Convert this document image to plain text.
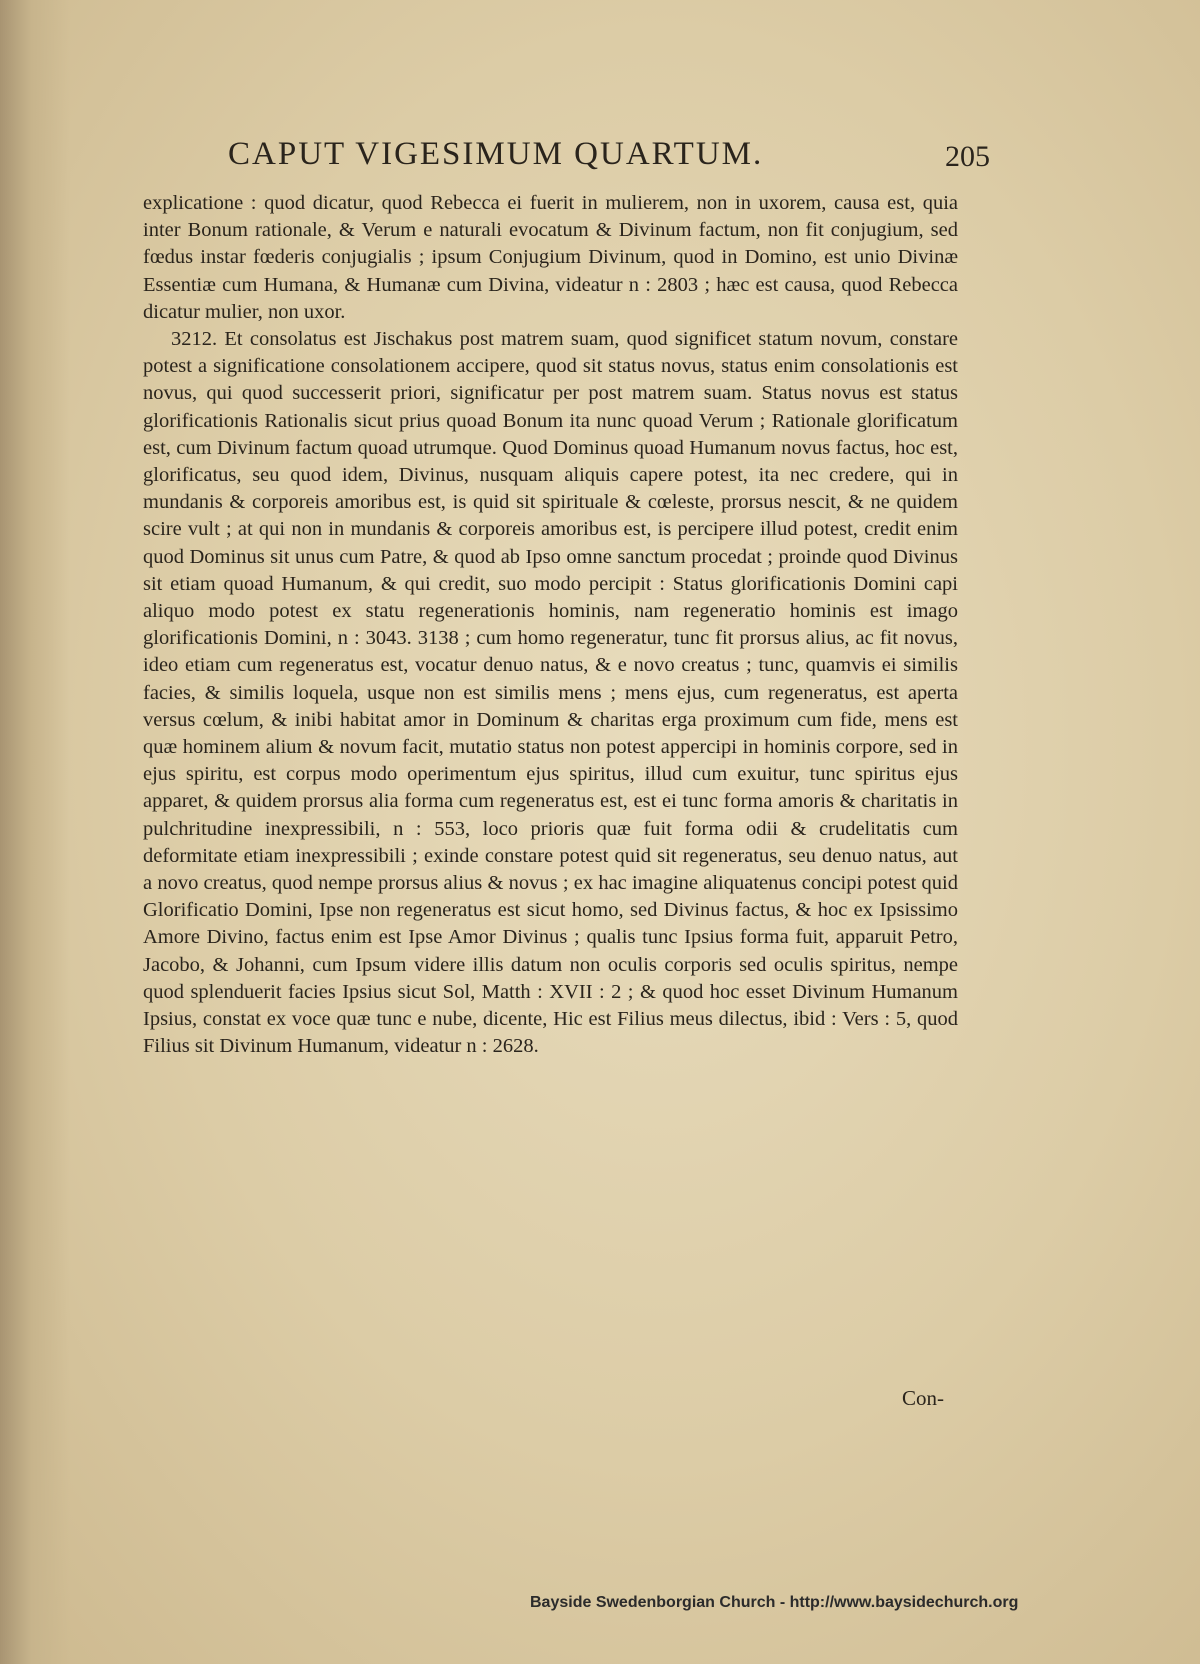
CAPUT VIGESIMUM QUARTUM.	205

explicatione : quod dicatur, quod Rebecca ei fuerit in mulierem, non in uxorem, causa est, quia inter Bonum rationale, & Verum e naturali evocatum & Divinum factum, non fit conjugium, sed fœdus instar fœderis conjugialis ; ipsum Conjugium Divinum, quod in Domino, est unio Divinæ Essentiæ cum Humana, & Humanæ cum Divina, videatur n : 2803 ; hæc est causa, quod Rebecca dicatur mulier, non uxor.

3212. Et consolatus est Jischakus post matrem suam, quod significet statum novum, constare potest a significatione consolationem accipere, quod sit status novus, status enim consolationis est novus, qui quod successerit priori, significatur per post matrem suam. Status novus est status glorificationis Rationalis sicut prius quoad Bonum ita nunc quoad Verum ; Rationale glorificatum est, cum Divinum factum quoad utrumque. Quod Dominus quoad Humanum novus factus, hoc est, glorificatus, seu quod idem, Divinus, nusquam aliquis capere potest, ita nec credere, qui in mundanis & corporeis amoribus est, is quid sit spirituale & cœleste, prorsus nescit, & ne quidem scire vult ; at qui non in mundanis & corporeis amoribus est, is percipere illud potest, credit enim quod Dominus sit unus cum Patre, & quod ab Ipso omne sanctum procedat ; proinde quod Divinus sit etiam quoad Humanum, & qui credit, suo modo percipit : Status glorificationis Domini capi aliquo modo potest ex statu regenerationis hominis, nam regeneratio hominis est imago glorificationis Domini, n : 3043. 3138 ; cum homo regeneratur, tunc fit prorsus alius, ac fit novus, ideo etiam cum regeneratus est, vocatur denuo natus, & e novo creatus ; tunc, quamvis ei similis facies, & similis loquela, usque non est similis mens ; mens ejus, cum regeneratus, est aperta versus cœlum, & inibi habitat amor in Dominum & charitas erga proximum cum fide, mens est quæ hominem alium & novum facit, mutatio status non potest appercipi in hominis corpore, sed in ejus spiritu, est corpus modo operimentum ejus spiritus, illud cum exuitur, tunc spiritus ejus apparet, & quidem prorsus alia forma cum regeneratus est, est ei tunc forma amoris & charitatis in pulchritudine inexpressibili, n : 553, loco prioris quæ fuit forma odii & crudelitatis cum deformitate etiam inexpressibili ; exinde constare potest quid sit regeneratus, seu denuo natus, aut a novo creatus, quod nempe prorsus alius & novus ; ex hac imagine aliquatenus concipi potest quid Glorificatio Domini, Ipse non regeneratus est sicut homo, sed Divinus factus, & hoc ex Ipsissimo Amore Divino, factus enim est Ipse Amor Divinus ; qualis tunc Ipsius forma fuit, apparuit Petro, Jacobo, & Johanni, cum Ipsum videre illis datum non oculis corporis sed oculis spiritus, nempe quod splenduerit facies Ipsius sicut Sol, Matth : XVII : 2 ; & quod hoc esset Divinum Humanum Ipsius, constat ex voce quæ tunc e nube, dicente, Hic est Filius meus dilectus, ibid : Vers : 5, quod Filius sit Divinum Humanum, videatur n : 2628.

Con-
Bayside Swedenborgian Church - http://www.baysidechurch.org
